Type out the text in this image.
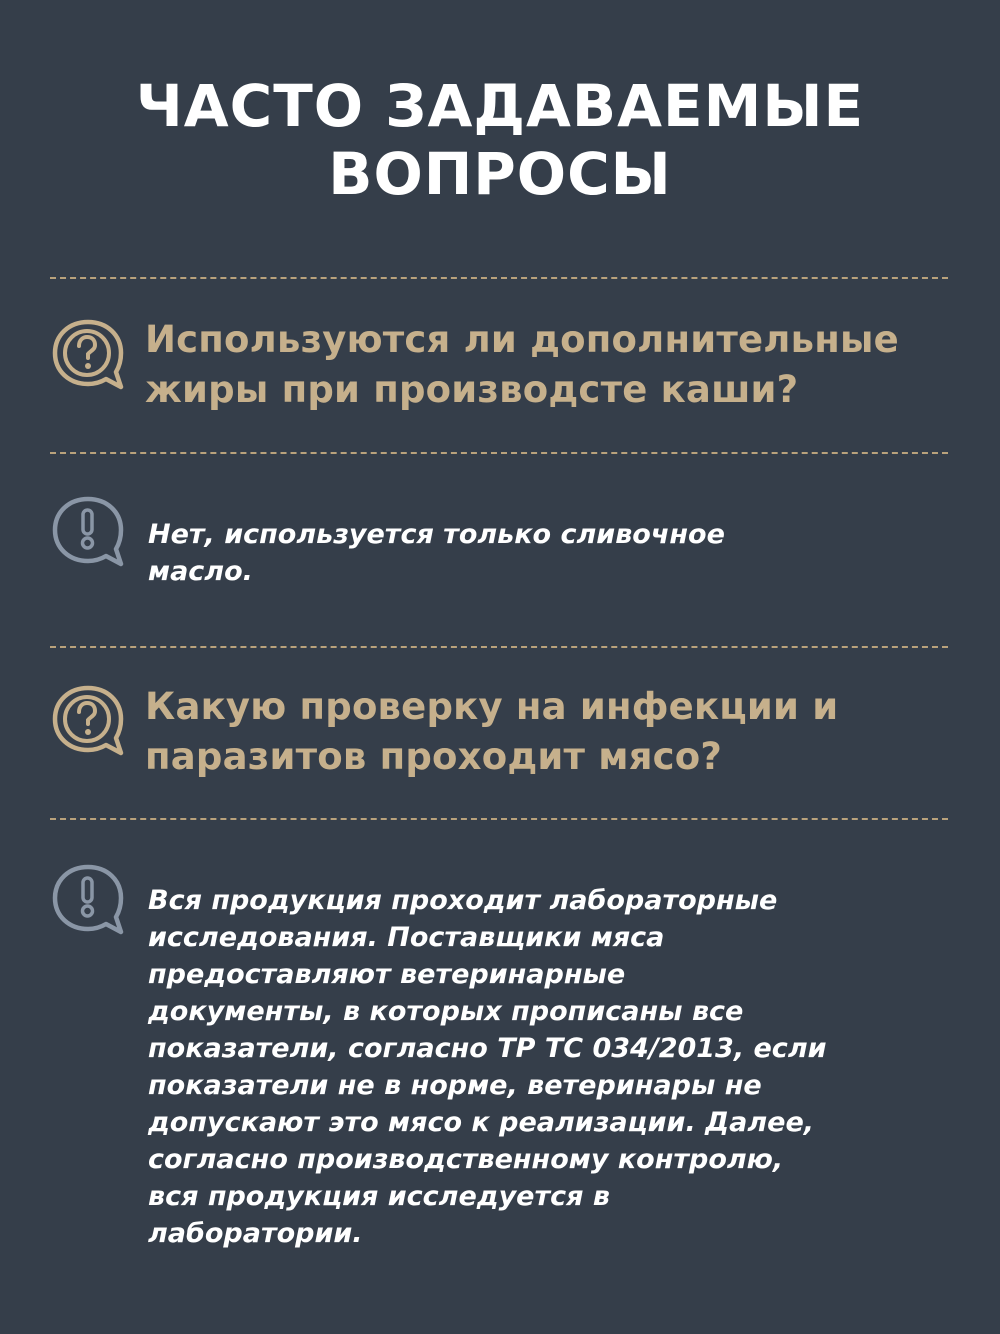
ЧАСТО ЗАДАВАЕМЫЕ
ВОПРОСЫ
Используются ли дополнительные
жиры при производсте каши?
Нет, используется только сливочное
масло.
Какую проверку на инфекции и
паразитов проходит мясо?
Вся продукция проходит лабораторные
исследования. Поставщики мяса
предоставляют ветеринарные
документы, в которых прописаны все
показатели, согласно ТР ТС 034/2013, если
показатели не в норме, ветеринары не
допускают это мясо к реализации. Далее,
согласно производственному контролю,
вся продукция исследуется в
лаборатории.
